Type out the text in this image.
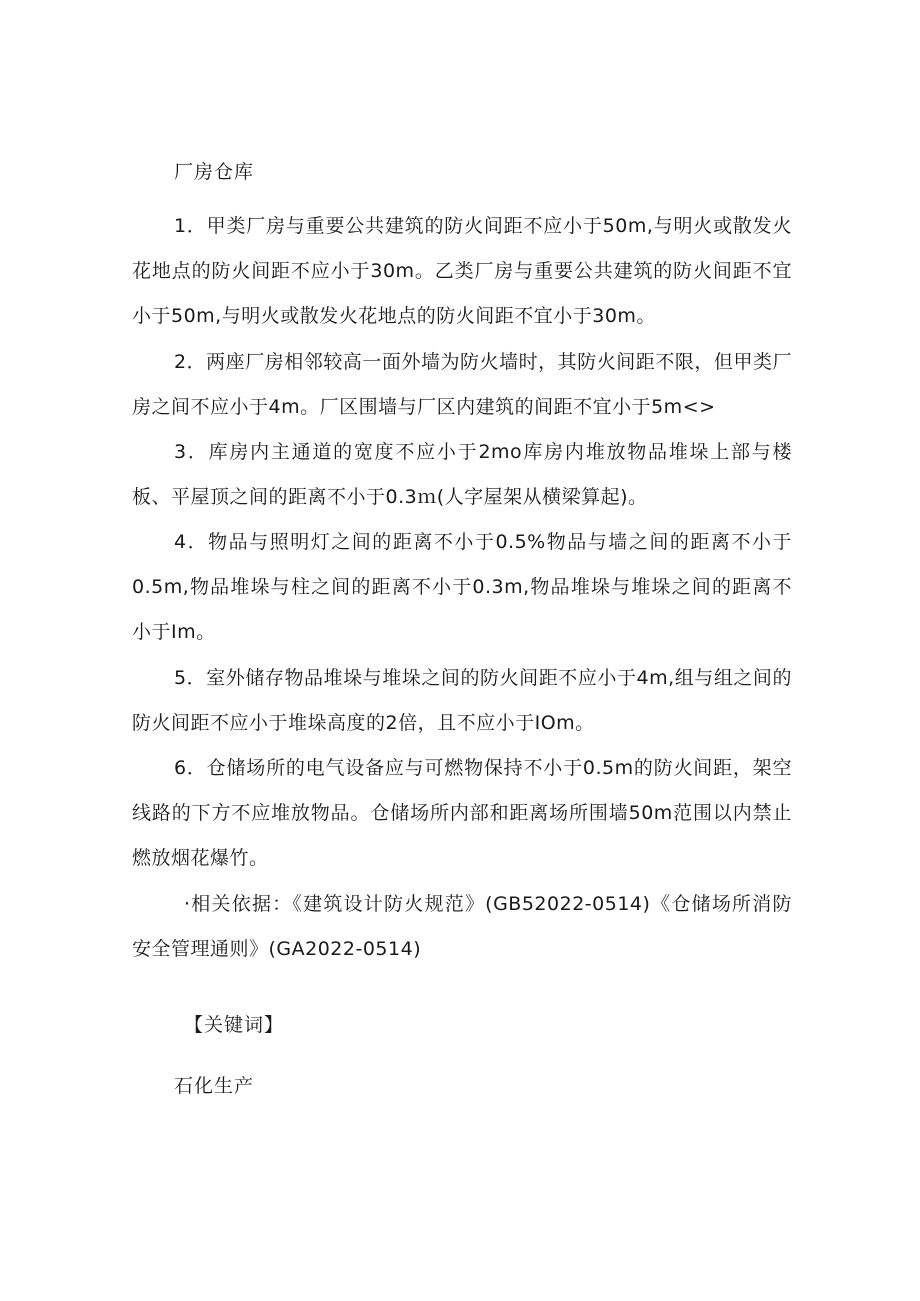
厂房仓库

1．甲类厂房与重要公共建筑的防火间距不应小于50m,与明火或散发火花地点的防火间距不应小于30m。乙类厂房与重要公共建筑的防火间距不宜小于50m,与明火或散发火花地点的防火间距不宜小于30m。

2．两座厂房相邻较高一面外墙为防火墙时，其防火间距不限，但甲类厂房之间不应小于4m。厂区围墙与厂区内建筑的间距不宜小于5m<>

3．库房内主通道的宽度不应小于2mo库房内堆放物品堆垛上部与楼板、平屋顶之间的距离不小于0.3ｍ(人字屋架从横梁算起)。

4．物品与照明灯之间的距离不小于0.5%物品与墙之间的距离不小于0.5m,物品堆垛与柱之间的距离不小于0.3m,物品堆垛与堆垛之间的距离不小于Im。

5．室外储存物品堆垛与堆垛之间的防火间距不应小于4m,组与组之间的防火间距不应小于堆垛高度的2倍，且不应小于IOm。

6．仓储场所的电气设备应与可燃物保持不小于0.5m的防火间距，架空线路的下方不应堆放物品。仓储场所内部和距离场所围墙50m范围以内禁止燃放烟花爆竹。

·相关依据：《建筑设计防火规范》(GB52022-0514)《仓储场所消防安全管理通则》(GA2022-0514)

【关键词】
石化生产
